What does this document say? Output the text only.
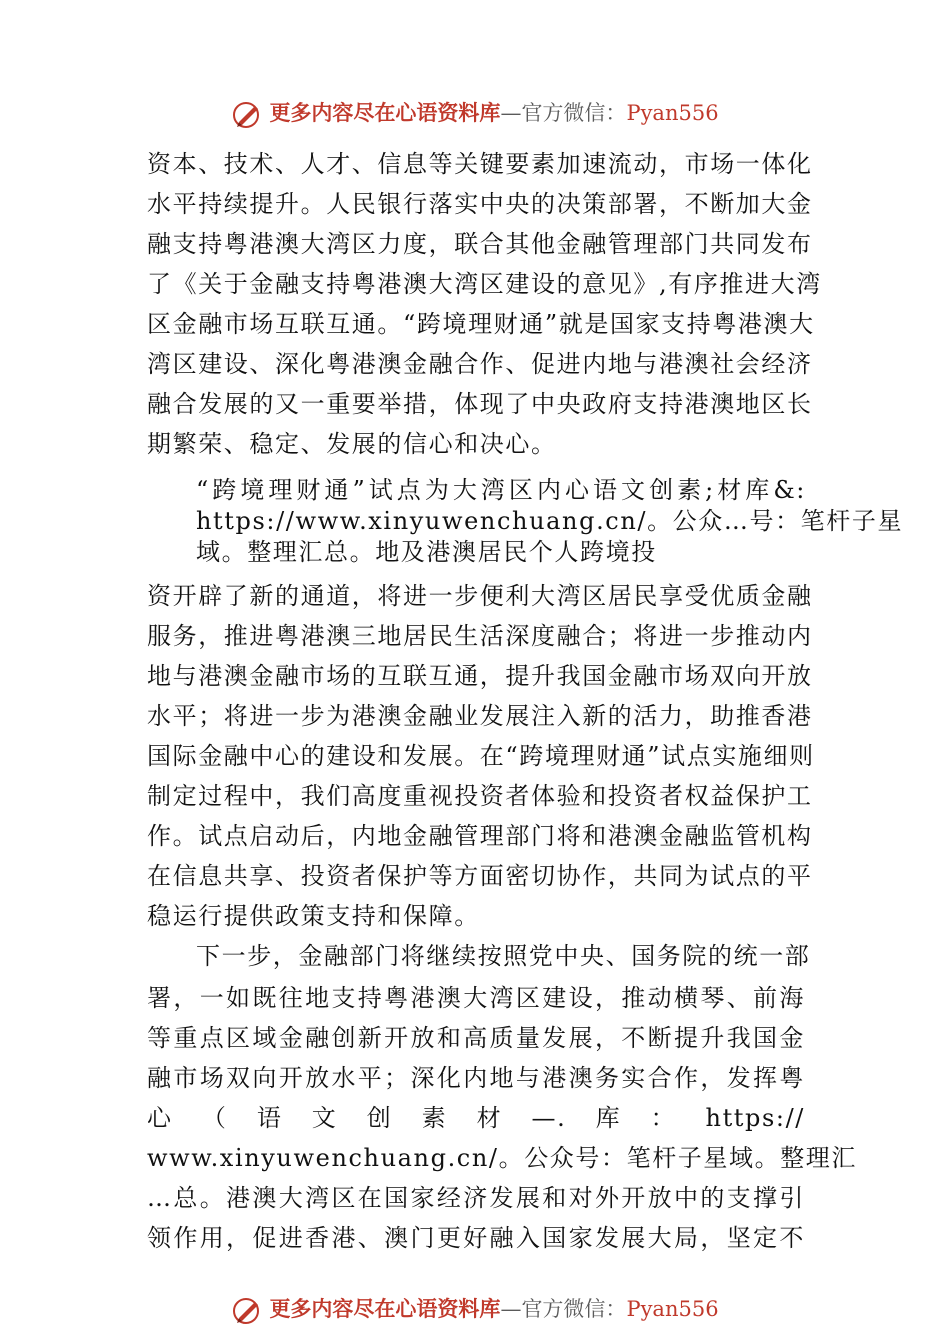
更多内容尽在心语资料库—官方微信：Pyan556
资本、技术、人才、信息等关键要素加速流动，市场一体化
水平持续提升。人民银行落实中央的决策部署，不断加大金
融支持粤港澳大湾区力度，联合其他金融管理部门共同发布
了《关于金融支持粤港澳大湾区建设的意见》,有序推进大湾
区金融市场互联互通。“跨境理财通”就是国家支持粤港澳大
湾区建设、深化粤港澳金融合作、促进内地与港澳社会经济
融合发展的又一重要举措，体现了中央政府支持港澳地区长
期繁荣、稳定、发展的信心和决心。
“跨境理财通”试点为大湾区内心语文创素;材库&:
https://www.xinyuwenchuang.cn/。公众…号：笔杆子星
域。整理汇总。地及港澳居民个人跨境投
资开辟了新的通道，将进一步便利大湾区居民享受优质金融
服务，推进粤港澳三地居民生活深度融合；将进一步推动内
地与港澳金融市场的互联互通，提升我国金融市场双向开放
水平；将进一步为港澳金融业发展注入新的活力，助推香港
国际金融中心的建设和发展。在“跨境理财通”试点实施细则
制定过程中，我们高度重视投资者体验和投资者权益保护工
作。试点启动后，内地金融管理部门将和港澳金融监管机构
在信息共享、投资者保护等方面密切协作，共同为试点的平
稳运行提供政策支持和保障。
下一步，金融部门将继续按照党中央、国务院的统一部
署，一如既往地支持粤港澳大湾区建设，推动横琴、前海
等重点区域金融创新开放和高质量发展，不断提升我国金
融市场双向开放水平；深化内地与港澳务实合作，发挥粤
心（语文创素材—.库：https://
www.xinyuwenchuang.cn/。公众号：笔杆子星域。整理汇
…总。港澳大湾区在国家经济发展和对外开放中的支撑引
领作用，促进香港、澳门更好融入国家发展大局，坚定不
更多内容尽在心语资料库—官方微信：Pyan556
